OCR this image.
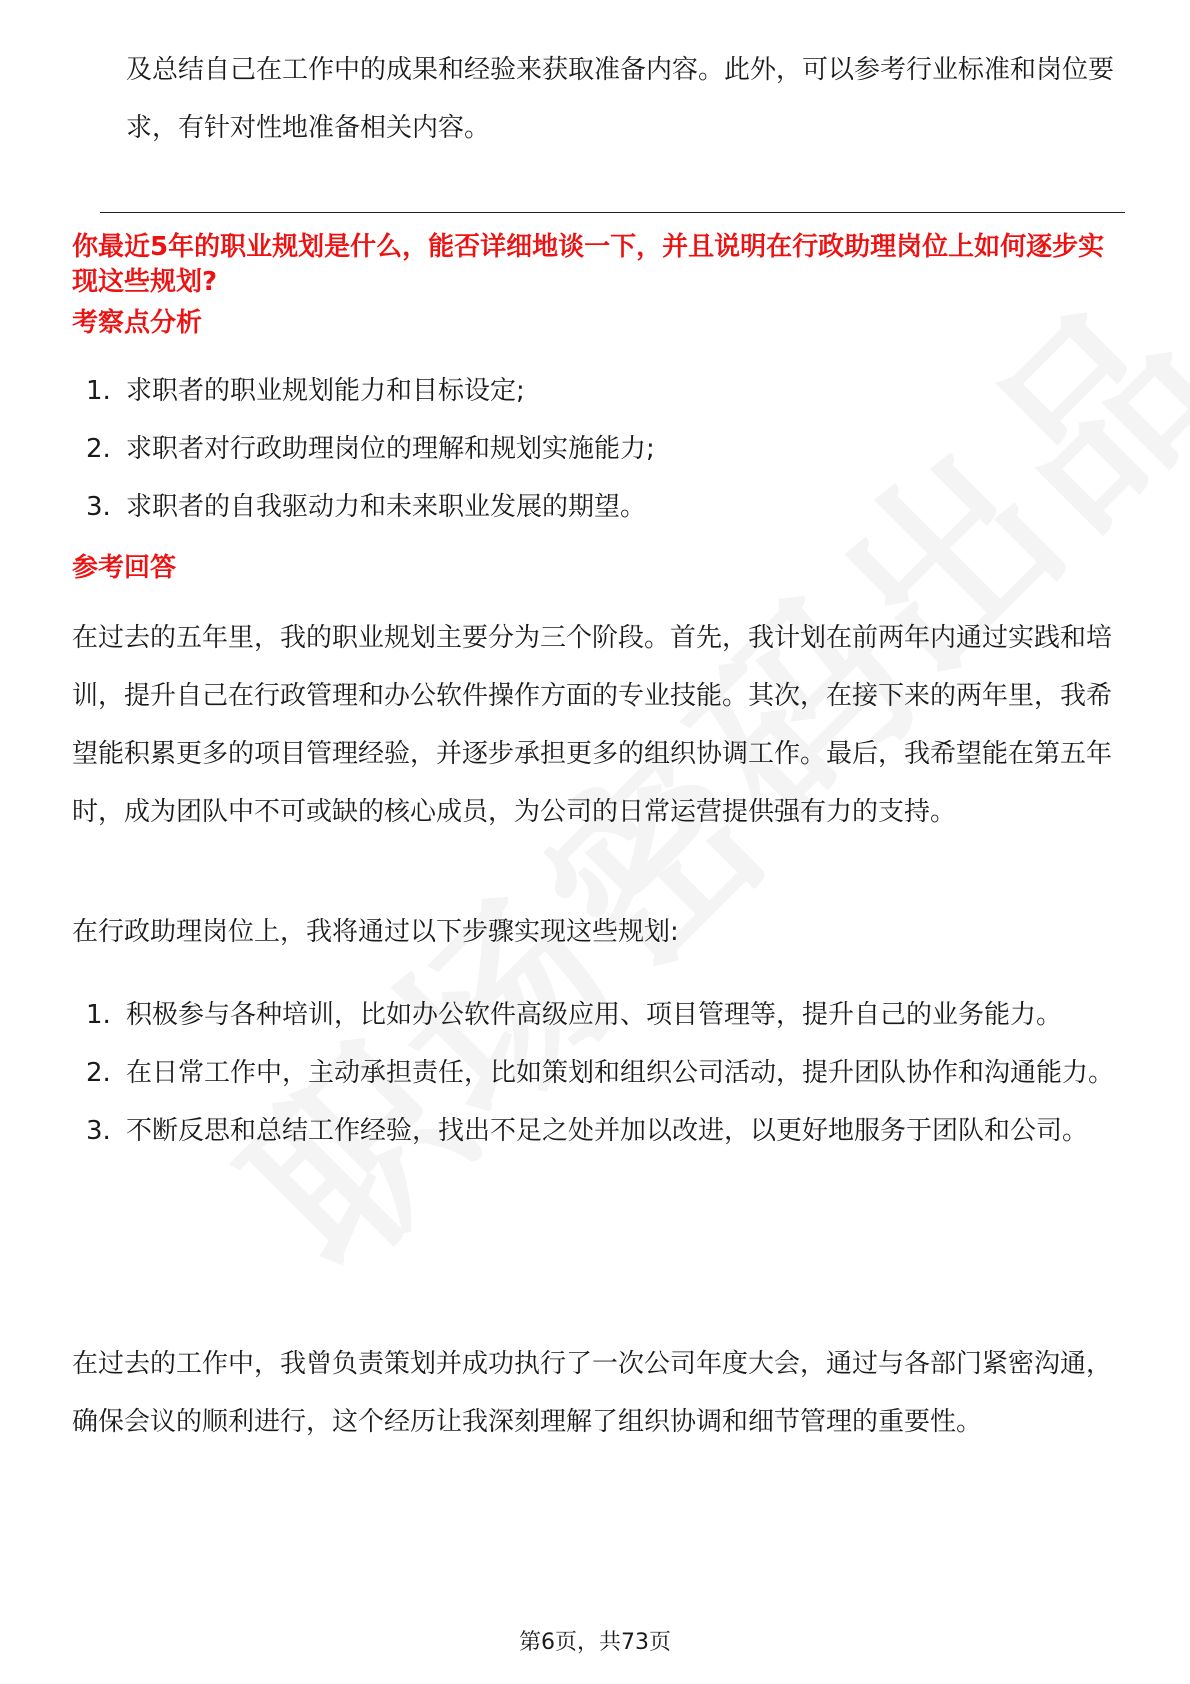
及总结自己在工作中的成果和经验来获取准备内容。此外，可以参考行业标准和岗位要求，有针对性地准备相关内容。

你最近5年的职业规划是什么，能否详细地谈一下，并且说明在行政助理岗位上如何逐步实现这些规划?

考察点分析

1. 求职者的职业规划能力和目标设定;
2. 求职者对行政助理岗位的理解和规划实施能力;
3. 求职者的自我驱动力和未来职业发展的期望。

参考回答

在过去的五年里，我的职业规划主要分为三个阶段。首先，我计划在前两年内通过实践和培训，提升自己在行政管理和办公软件操作方面的专业技能。其次，在接下来的两年里，我希望能积累更多的项目管理经验，并逐步承担更多的组织协调工作。最后，我希望能在第五年时，成为团队中不可或缺的核心成员，为公司的日常运营提供强有力的支持。

在行政助理岗位上，我将通过以下步骤实现这些规划:

1. 积极参与各种培训，比如办公软件高级应用、项目管理等，提升自己的业务能力。
2. 在日常工作中，主动承担责任，比如策划和组织公司活动，提升团队协作和沟通能力。
3. 不断反思和总结工作经验，找出不足之处并加以改进，以更好地服务于团队和公司。

在过去的工作中，我曾负责策划并成功执行了一次公司年度大会，通过与各部门紧密沟通，确保会议的顺利进行，这个经历让我深刻理解了组织协调和细节管理的重要性。

第6页，共73页
